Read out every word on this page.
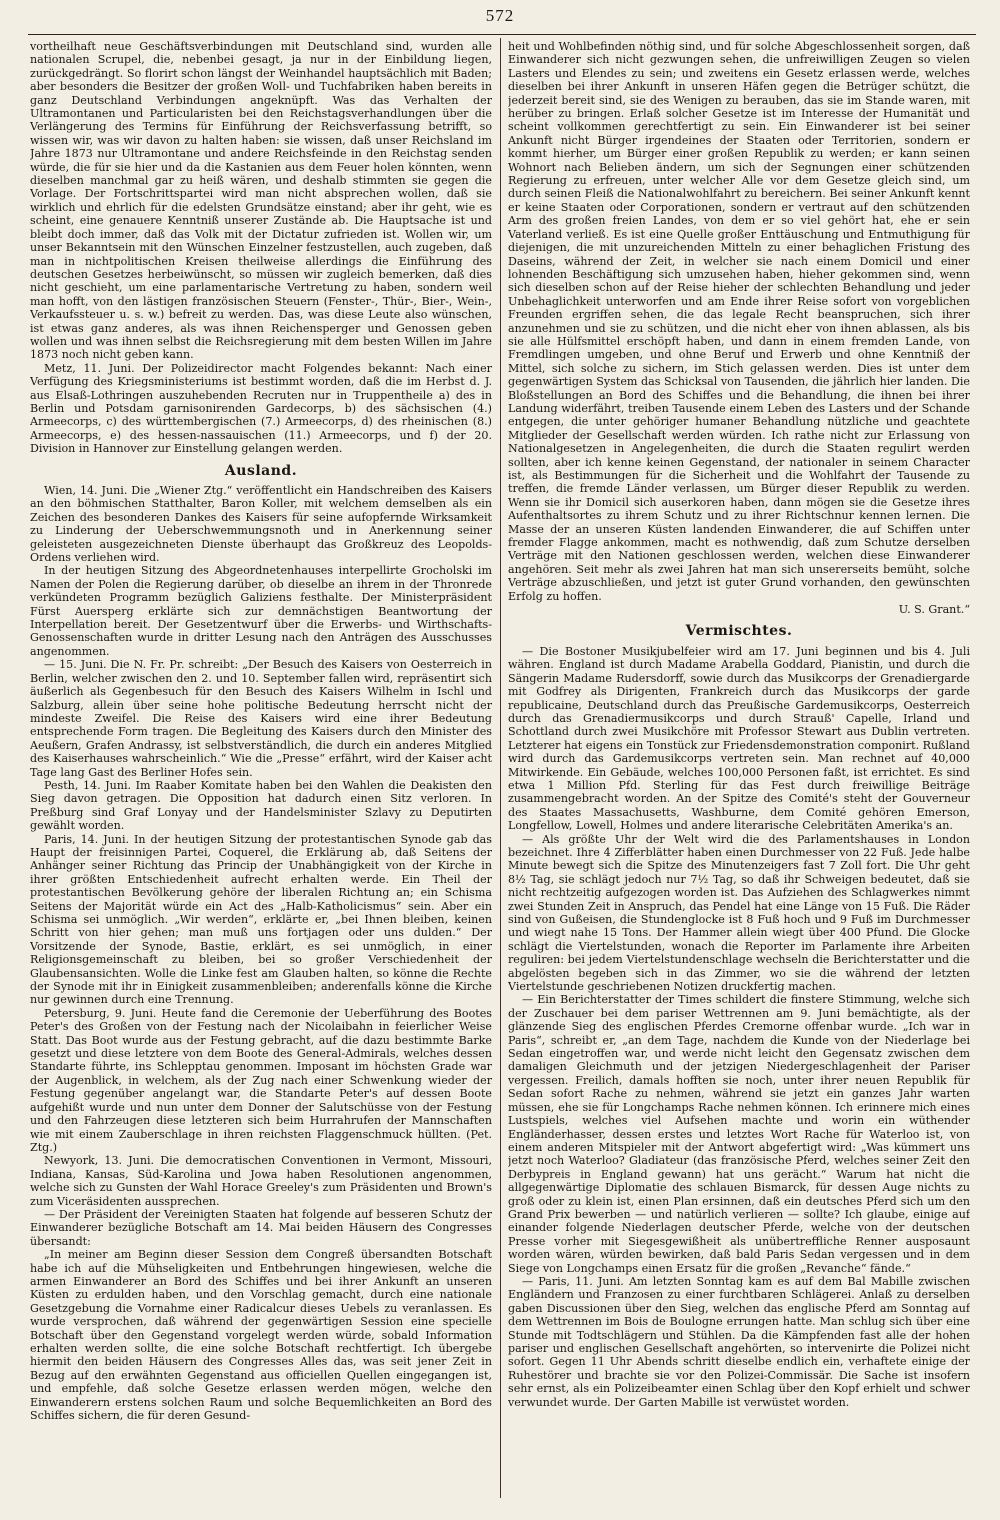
572

vortheilhaft neue Geschäftsverbindungen mit Deutschland sind, wurden alle nationalen Scrupel, die, nebenbei gesagt, ja nur in der Einbildung liegen, zurückgedrängt. So florirt schon längst der Weinhandel hauptsächlich mit Baden; aber besonders die Besitzer der großen Woll- und Tuchfabriken haben bereits in ganz Deutschland Verbindungen angeknüpft. Was das Verhalten der Ultramontanen und Particularisten bei den Reichstagsverhandlungen über die Verlängerung des Termins für Einführung der Reichsverfassung betrifft, so wissen wir, was wir davon zu halten haben: sie wissen, daß unser Reichsland im Jahre 1873 nur Ultramontane und andere Reichsfeinde in den Reichstag senden würde, die für sie hier und da die Kastanien aus dem Feuer holen könnten, wenn dieselben manchmal gar zu heiß wären, und deshalb stimmten sie gegen die Vorlage. Der Fortschrittspartei wird man nicht absprechen wollen, daß sie wirklich und ehrlich für die edelsten Grundsätze einstand; aber ihr geht, wie es scheint, eine genauere Kenntniß unserer Zustände ab. Die Hauptsache ist und bleibt doch immer, daß das Volk mit der Dictatur zufrieden ist. Wollen wir, um unser Bekanntsein mit den Wünschen Einzelner festzustellen, auch zugeben, daß man in nichtpolitischen Kreisen theilweise allerdings die Einführung des deutschen Gesetzes herbeiwünscht, so müssen wir zugleich bemerken, daß dies nicht geschieht, um eine parlamentarische Vertretung zu haben, sondern weil man hofft, von den lästigen französischen Steuern (Fenster-, Thür-, Bier-, Wein-, Verkaufssteuer u. s. w.) befreit zu werden. Das, was diese Leute also wünschen, ist etwas ganz anderes, als was ihnen Reichensperger und Genossen geben wollen und was ihnen selbst die Reichsregierung mit dem besten Willen im Jahre 1873 noch nicht geben kann.

Metz, 11. Juni. Der Polizeidirector macht Folgendes bekannt: Nach einer Verfügung des Kriegsministeriums ist bestimmt worden, daß die im Herbst d. J. aus Elsaß-Lothringen auszuhebenden Recruten nur in Truppentheile a) des in Berlin und Potsdam garnisonirenden Gardecorps, b) des sächsischen (4.) Armeecorps, c) des württembergischen (7.) Armeecorps, d) des rheinischen (8.) Armeecorps, e) des hessen-nassauischen (11.) Armeecorps, und f) der 20. Division in Hannover zur Einstellung gelangen werden.

Ausland.

Wien, 14. Juni. Die „Wiener Ztg.“ veröffentlicht ein Handschreiben des Kaisers an den böhmischen Statthalter, Baron Koller, mit welchem demselben als ein Zeichen des besonderen Dankes des Kaisers für seine aufopfernde Wirksamkeit zu Linderung der Ueberschwemmungsnoth und in Anerkennung seiner geleisteten ausgezeichneten Dienste überhaupt das Großkreuz des Leopolds-Ordens verliehen wird.

In der heutigen Sitzung des Abgeordnetenhauses interpellirte Grocholski im Namen der Polen die Regierung darüber, ob dieselbe an ihrem in der Thronrede verkündeten Programm bezüglich Galiziens festhalte. Der Ministerpräsident Fürst Auersperg erklärte sich zur demnächstigen Beantwortung der Interpellation bereit. Der Gesetzentwurf über die Erwerbs- und Wirthschafts-Genossenschaften wurde in dritter Lesung nach den Anträgen des Ausschusses angenommen.

— 15. Juni. Die N. Fr. Pr. schreibt: „Der Besuch des Kaisers von Oesterreich in Berlin, welcher zwischen den 2. und 10. September fallen wird, repräsentirt sich äußerlich als Gegenbesuch für den Besuch des Kaisers Wilhelm in Ischl und Salzburg, allein über seine hohe politische Bedeutung herrscht nicht der mindeste Zweifel. Die Reise des Kaisers wird eine ihrer Bedeutung entsprechende Form tragen. Die Begleitung des Kaisers durch den Minister des Aeußern, Grafen Andrassy, ist selbstverständlich, die durch ein anderes Mitglied des Kaiserhauses wahrscheinlich.“ Wie die „Presse“ erfährt, wird der Kaiser acht Tage lang Gast des Berliner Hofes sein.

Pesth, 14. Juni. Im Raaber Komitate haben bei den Wahlen die Deakisten den Sieg davon getragen. Die Opposition hat dadurch einen Sitz verloren. In Preßburg sind Graf Lonyay und der Handelsminister Szlavy zu Deputirten gewählt worden.

Paris, 14. Juni. In der heutigen Sitzung der protestantischen Synode gab das Haupt der freisinnigen Partei, Coquerel, die Erklärung ab, daß Seitens der Anhänger seiner Richtung das Princip der Unabhängigkeit von der Kirche in ihrer größten Entschiedenheit aufrecht erhalten werde. Ein Theil der protestantischen Bevölkerung gehöre der liberalen Richtung an; ein Schisma Seitens der Majorität würde ein Act des „Halb-Katholicismus“ sein. Aber ein Schisma sei unmöglich. „Wir werden“, erklärte er, „bei Ihnen bleiben, keinen Schritt von hier gehen; man muß uns fortjagen oder uns dulden.“ Der Vorsitzende der Synode, Bastie, erklärt, es sei unmöglich, in einer Religionsgemeinschaft zu bleiben, bei so großer Verschiedenheit der Glaubensansichten. Wolle die Linke fest am Glauben halten, so könne die Rechte der Synode mit ihr in Einigkeit zusammenbleiben; anderenfalls könne die Kirche nur gewinnen durch eine Trennung.

Petersburg, 9. Juni. Heute fand die Ceremonie der Ueberführung des Bootes Peter's des Großen von der Festung nach der Nicolaibahn in feierlicher Weise Statt. Das Boot wurde aus der Festung gebracht, auf die dazu bestimmte Barke gesetzt und diese letztere von dem Boote des General-Admirals, welches dessen Standarte führte, ins Schlepptau genommen. Imposant im höchsten Grade war der Augenblick, in welchem, als der Zug nach einer Schwenkung wieder der Festung gegenüber angelangt war, die Standarte Peter's auf dessen Boote aufgehißt wurde und nun unter dem Donner der Salutschüsse von der Festung und den Fahrzeugen diese letzteren sich beim Hurrahrufen der Mannschaften wie mit einem Zauberschlage in ihren reichsten Flaggenschmuck hüllten. (Pet. Ztg.)

Newyork, 13. Juni. Die democratischen Conventionen in Vermont, Missouri, Indiana, Kansas, Süd-Karolina und Jowa haben Resolutionen angenommen, welche sich zu Gunsten der Wahl Horace Greeley's zum Präsidenten und Brown's zum Viceräsidenten aussprechen.

— Der Präsident der Vereinigten Staaten hat folgende auf besseren Schutz der Einwanderer bezügliche Botschaft am 14. Mai beiden Häusern des Congresses übersandt:

„In meiner am Beginn dieser Session dem Congreß übersandten Botschaft habe ich auf die Mühseligkeiten und Entbehrungen hingewiesen, welche die armen Einwanderer an Bord des Schiffes und bei ihrer Ankunft an unseren Küsten zu erdulden haben, und den Vorschlag gemacht, durch eine nationale Gesetzgebung die Vornahme einer Radicalcur dieses Uebels zu veranlassen. Es wurde versprochen, daß während der gegenwärtigen Session eine specielle Botschaft über den Gegenstand vorgelegt werden würde, sobald Information erhalten werden sollte, die eine solche Botschaft rechtfertigt. Ich übergebe hiermit den beiden Häusern des Congresses Alles das, was seit jener Zeit in Bezug auf den erwähnten Gegenstand aus officiellen Quellen eingegangen ist, und empfehle, daß solche Gesetze erlassen werden mögen, welche den Einwanderern erstens solchen Raum und solche Bequemlichkeiten an Bord des Schiffes sichern, die für deren Gesund-

heit und Wohlbefinden nöthig sind, und für solche Abgeschlossenheit sorgen, daß Einwanderer sich nicht gezwungen sehen, die unfreiwilligen Zeugen so vielen Lasters und Elendes zu sein; und zweitens ein Gesetz erlassen werde, welches dieselben bei ihrer Ankunft in unseren Häfen gegen die Betrüger schützt, die jederzeit bereit sind, sie des Wenigen zu berauben, das sie im Stande waren, mit herüber zu bringen. Erlaß solcher Gesetze ist im Interesse der Humanität und scheint vollkommen gerechtfertigt zu sein. Ein Einwanderer ist bei seiner Ankunft nicht Bürger irgendeines der Staaten oder Territorien, sondern er kommt hierher, um Bürger einer großen Republik zu werden; er kann seinen Wohnort nach Belieben ändern, um sich der Segnungen einer schützenden Regierung zu erfreuen, unter welcher Alle vor dem Gesetze gleich sind, um durch seinen Fleiß die Nationalwohlfahrt zu bereichern. Bei seiner Ankunft kennt er keine Staaten oder Corporationen, sondern er vertraut auf den schützenden Arm des großen freien Landes, von dem er so viel gehört hat, ehe er sein Vaterland verließ. Es ist eine Quelle großer Enttäuschung und Entmuthigung für diejenigen, die mit unzureichenden Mitteln zu einer behaglichen Fristung des Daseins, während der Zeit, in welcher sie nach einem Domicil und einer lohnenden Beschäftigung sich umzusehen haben, hieher gekommen sind, wenn sich dieselben schon auf der Reise hieher der schlechten Behandlung und jeder Unbehaglichkeit unterworfen und am Ende ihrer Reise sofort von vorgeblichen Freunden ergriffen sehen, die das legale Recht beanspruchen, sich ihrer anzunehmen und sie zu schützen, und die nicht eher von ihnen ablassen, als bis sie alle Hülfsmittel erschöpft haben, und dann in einem fremden Lande, von Fremdlingen umgeben, und ohne Beruf und Erwerb und ohne Kenntniß der Mittel, sich solche zu sichern, im Stich gelassen werden. Dies ist unter dem gegenwärtigen System das Schicksal von Tausenden, die jährlich hier landen. Die Bloßstellungen an Bord des Schiffes und die Behandlung, die ihnen bei ihrer Landung widerfährt, treiben Tausende einem Leben des Lasters und der Schande entgegen, die unter gehöriger humaner Behandlung nützliche und geachtete Mitglieder der Gesellschaft werden würden. Ich rathe nicht zur Erlassung von Nationalgesetzen in Angelegenheiten, die durch die Staaten regulirt werden sollten, aber ich kenne keinen Gegenstand, der nationaler in seinem Character ist, als Bestimmungen für die Sicherheit und die Wohlfahrt der Tausende zu treffen, die fremde Länder verlassen, um Bürger dieser Republik zu werden. Wenn sie ihr Domicil sich auserkoren haben, dann mögen sie die Gesetze ihres Aufenthaltsortes zu ihrem Schutz und zu ihrer Richtschnur kennen lernen. Die Masse der an unseren Küsten landenden Einwanderer, die auf Schiffen unter fremder Flagge ankommen, macht es nothwendig, daß zum Schutze derselben Verträge mit den Nationen geschlossen werden, welchen diese Einwanderer angehören. Seit mehr als zwei Jahren hat man sich unsererseits bemüht, solche Verträge abzuschließen, und jetzt ist guter Grund vorhanden, den gewünschten Erfolg zu hoffen.

U. S. Grant.“
Vermischtes.

— Die Bostoner Musikjubelfeier wird am 17. Juni beginnen und bis 4. Juli währen. England ist durch Madame Arabella Goddard, Pianistin, und durch die Sängerin Madame Rudersdorff, sowie durch das Musikcorps der Grenadiergarde mit Godfrey als Dirigenten, Frankreich durch das Musikcorps der garde republicaine, Deutschland durch das Preußische Gardemusikcorps, Oesterreich durch das Grenadiermusikcorps und durch Strauß' Capelle, Irland und Schottland durch zwei Musikchöre mit Professor Stewart aus Dublin vertreten. Letzterer hat eigens ein Tonstück zur Friedensdemonstration componirt. Rußland wird durch das Gardemusikcorps vertreten sein. Man rechnet auf 40,000 Mitwirkende. Ein Gebäude, welches 100,000 Personen faßt, ist errichtet. Es sind etwa 1 Million Pfd. Sterling für das Fest durch freiwillige Beiträge zusammengebracht worden. An der Spitze des Comité's steht der Gouverneur des Staates Massachusetts, Washburne, dem Comité gehören Emerson, Longfellow, Lowell, Holmes und andere literarische Celebritäten Amerika's an.

— Als größte Uhr der Welt wird die des Parlamentshauses in London bezeichnet. Ihre 4 Zifferblätter haben einen Durchmesser von 22 Fuß. Jede halbe Minute bewegt sich die Spitze des Minutenzeigers fast 7 Zoll fort. Die Uhr geht 8½ Tag, sie schlägt jedoch nur 7½ Tag, so daß ihr Schweigen bedeutet, daß sie nicht rechtzeitig aufgezogen worden ist. Das Aufziehen des Schlagwerkes nimmt zwei Stunden Zeit in Anspruch, das Pendel hat eine Länge von 15 Fuß. Die Räder sind von Gußeisen, die Stundenglocke ist 8 Fuß hoch und 9 Fuß im Durchmesser und wiegt nahe 15 Tons. Der Hammer allein wiegt über 400 Pfund. Die Glocke schlägt die Viertelstunden, wonach die Reporter im Parlamente ihre Arbeiten reguliren: bei jedem Viertelstundenschlage wechseln die Berichterstatter und die abgelösten begeben sich in das Zimmer, wo sie die während der letzten Viertelstunde geschriebenen Notizen druckfertig machen.

— Ein Berichterstatter der Times schildert die finstere Stimmung, welche sich der Zuschauer bei dem pariser Wettrennen am 9. Juni bemächtigte, als der glänzende Sieg des englischen Pferdes Cremorne offenbar wurde. „Ich war in Paris“, schreibt er, „an dem Tage, nachdem die Kunde von der Niederlage bei Sedan eingetroffen war, und werde nicht leicht den Gegensatz zwischen dem damaligen Gleichmuth und der jetzigen Niedergeschlagenheit der Pariser vergessen. Freilich, damals hofften sie noch, unter ihrer neuen Republik für Sedan sofort Rache zu nehmen, während sie jetzt ein ganzes Jahr warten müssen, ehe sie für Longchamps Rache nehmen können. Ich erinnere mich eines Lustspiels, welches viel Aufsehen machte und worin ein wüthender Engländerhasser, dessen erstes und letztes Wort Rache für Waterloo ist, von einem anderen Mitspieler mit der Antwort abgefertigt wird: „Was kümmert uns jetzt noch Waterloo? Gladiateur (das französische Pferd, welches seiner Zeit den Derbypreis in England gewann) hat uns gerächt.“ Warum hat nicht die allgegenwärtige Diplomatie des schlauen Bismarck, für dessen Auge nichts zu groß oder zu klein ist, einen Plan ersinnen, daß ein deutsches Pferd sich um den Grand Prix bewerben — und natürlich verlieren — sollte? Ich glaube, einige auf einander folgende Niederlagen deutscher Pferde, welche von der deutschen Presse vorher mit Siegesgewißheit als unübertreffliche Renner ausposaunt worden wären, würden bewirken, daß bald Paris Sedan vergessen und in dem Siege von Longchamps einen Ersatz für die großen „Revanche“ fände.“

— Paris, 11. Juni. Am letzten Sonntag kam es auf dem Bal Mabille zwischen Engländern und Franzosen zu einer furchtbaren Schlägerei. Anlaß zu derselben gaben Discussionen über den Sieg, welchen das englische Pferd am Sonntag auf dem Wettrennen im Bois de Boulogne errungen hatte. Man schlug sich über eine Stunde mit Todtschlägern und Stühlen. Da die Kämpfenden fast alle der hohen pariser und englischen Gesellschaft angehörten, so intervenirte die Polizei nicht sofort. Gegen 11 Uhr Abends schritt dieselbe endlich ein, verhaftete einige der Ruhestörer und brachte sie vor den Polizei-Commissär. Die Sache ist insofern sehr ernst, als ein Polizeibeamter einen Schlag über den Kopf erhielt und schwer verwundet wurde. Der Garten Mabille ist verwüstet worden.
